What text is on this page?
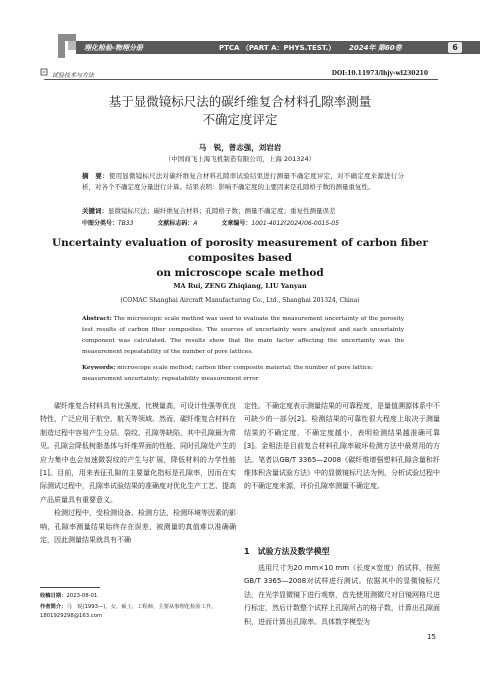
理化检验-物理分册	PTCA （PART A：PHYS.TEST.） 2024年 第60卷	6
试验技术与方法	DOI:10.11973/lhjy-wl230210
基于显微镜标尺法的碳纤维复合材料孔隙率测量
不确定度评定
马　锐，曾志强，刘岩岩
（中国商飞上海飞机制造有限公司，上海 201324）
摘　要：使用显微镜标尺法对碳纤维复合材料孔隙率试验结果进行测量不确定度评定，对不确定度来源进行分析，对各个不确定度分量进行计算。结果表明：影响不确定度的主要因素是孔隙格子数的测量重复性。
关键词：显微镜标尺法；碳纤维复合材料；孔隙格子数；测量不确定度；重复性测量误差
中图分类号：TB33	文献标志码：A	文章编号：1001-4012(2024)06-0015-05
Uncertainty evaluation of porosity measurement of carbon fiber composites based
on microscope scale method
MA Rui, ZENG Zhiqiang, LIU Yanyan
(COMAC Shanghai Aircraft Manufacturing Co., Ltd., Shanghai 201324, China)
Abstract: The microscopic scale method was used to evaluate the measurement uncertainty of the porosity test results of carbon fiber composites. The sources of uncertainty were analyzed and each uncertainty component was calculated. The results show that the main factor affecting the uncertainty was the measurement repeatability of the number of pore lattices.
Keywords: microscope scale method; carbon fiber composite material; the number of pore lattice; measurement uncertainty; repeatability measurement error

碳纤维复合材料具有比强度、比模量高，可设计性强等优良特性，广泛应用于航空、航天等领域。然而，碳纤维复合材料在制造过程中容易产生分层、裂纹、孔隙等缺陷，其中孔隙最为常见。孔隙会降低树脂基体与纤维界面的性能，同时孔隙处产生的应力集中也会加速微裂纹的产生与扩展，降低材料的力学性能[1]。目前，用来表征孔隙的主要量化指标是孔隙率，因而在实际测试过程中，孔隙率试验结果的准确度对优化生产工艺、提高产品质量具有重要意义。

检测过程中，受检测设备、检测方法、检测环境等因素的影响，孔隙率测量结果始终存在误差，被测量的真值难以准确确定，因此测量结果就具有不确

定性。不确定度表示测量结果的可靠程度，是量值溯源体系中不可缺少的一部分[2]。检测结果的可靠性很大程度上取决于测量结果的不确定度，不确定度越小，表明检测结果越准确可靠[3]。金相法是目前复合材料孔隙率破坏检测方法中最常用的方法。笔者以GB/T 3365—2008《碳纤维增强塑料孔隙含量和纤维体积含量试验方法》中的显微镜标尺法为例，分析试验过程中的不确定度来源，评价孔隙率测量不确定度。

1　试验方法及数学模型

选用尺寸为20 mm×10 mm（长度×宽度）的试样，按照GB/T 3365—2008对试样进行测试。依据其中的显微镜标尺法，在光学显微镜下进行观察，首先使用测微尺对目镜网格尺进行标定，然后计数整个试样上孔隙所占的格子数，计算出孔隙面积，进而计算出孔隙率。具体数学模型为

收稿日期：2023-08-01
作者简介：马　锐(1993—)，女，硕士，工程师，主要从事理化检验工作，1801929298@163.com
15
